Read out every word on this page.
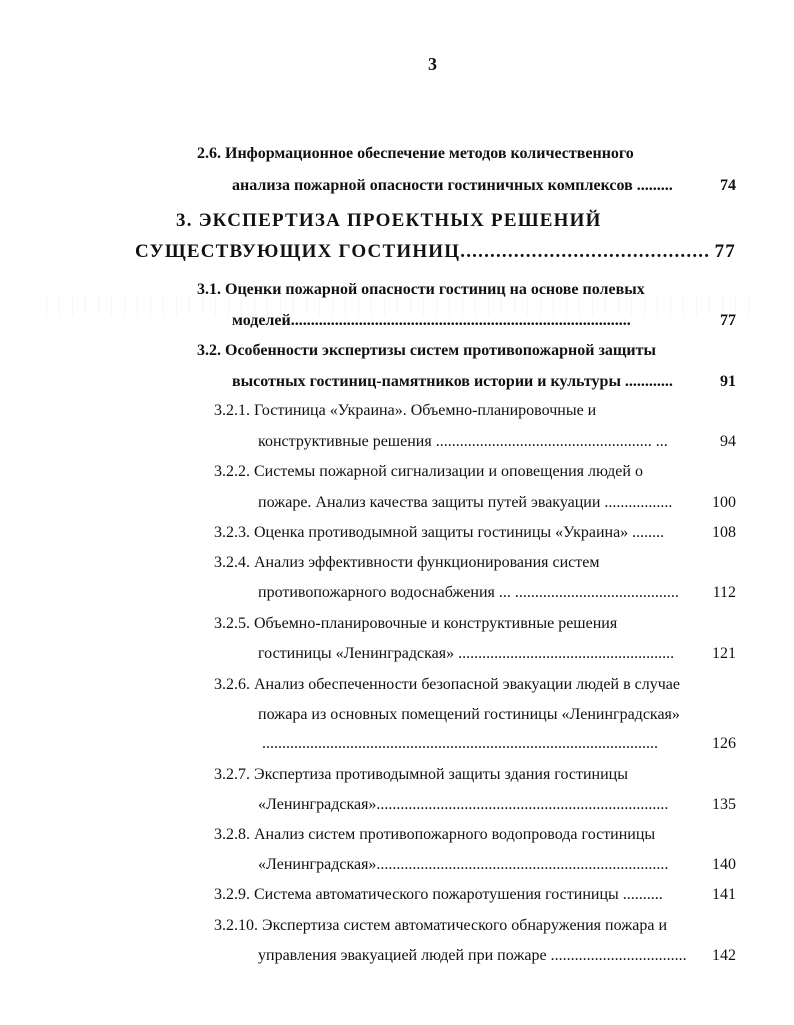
3
2.6. Информационное обеспечение методов количественного
анализа пожарной опасности гостиничных комплексов .........	74
3. ЭКСПЕРТИЗА ПРОЕКТНЫХ РЕШЕНИЙ
СУЩЕСТВУЮЩИХ ГОСТИНИЦ.......................................... 77
3.1. Оценки пожарной опасности гостиниц на основе полевых
моделей.....................................................................................	77
3.2. Особенности экспертизы систем противопожарной защиты
высотных гостиниц-памятников истории и культуры ............	91
3.2.1. Гостиница «Украина». Объемно-планировочные и
конструктивные решения ...................................................... ...	94
3.2.2. Системы пожарной сигнализации и оповещения людей о
пожаре. Анализ качества защиты путей эвакуации ................. 100
3.2.3. Оценка противодымной защиты гостиницы «Украина» ........	108
3.2.4. Анализ эффективности функционирования систем
противопожарного водоснабжения ... ......................................... 112
3.2.5. Объемно-планировочные и конструктивные решения
гостиницы «Ленинградская» ...................................................... 121
3.2.6. Анализ обеспеченности безопасной эвакуации людей в случае
пожара из основных помещений гостиницы «Ленинградская»
...................................................................................................	126
3.2.7. Экспертиза противодымной защиты здания гостиницы
«Ленинградская».........................................................................	135
3.2.8. Анализ систем противопожарного водопровода гостиницы
«Ленинградская».........................................................................	140
3.2.9. Система автоматического пожаротушения гостиницы ..........	141
3.2.10. Экспертиза систем автоматического обнаружения пожара и
управления эвакуацией людей при пожаре .................................. 142
